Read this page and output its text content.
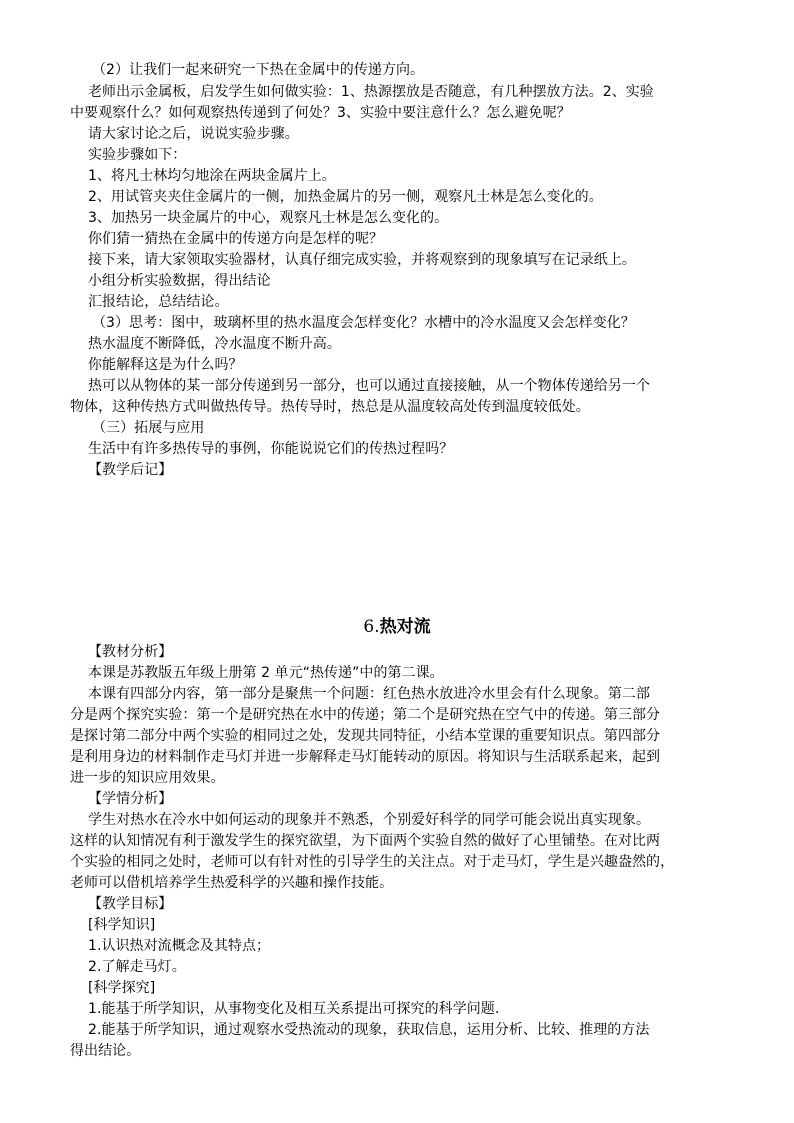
（2）让我们一起来研究一下热在金属中的传递方向。
老师出示金属板，启发学生如何做实验：1、热源摆放是否随意，有几种摆放方法。2、实验
中要观察什么？如何观察热传递到了何处？3、实验中要注意什么？怎么避免呢？
请大家讨论之后，说说实验步骤。
实验步骤如下：
1、将凡士林均匀地涂在两块金属片上。
2、用试管夹夹住金属片的一侧，加热金属片的另一侧，观察凡士林是怎么变化的。
3、加热另一块金属片的中心，观察凡士林是怎么变化的。
你们猜一猜热在金属中的传递方向是怎样的呢？
接下来，请大家领取实验器材，认真仔细完成实验，并将观察到的现象填写在记录纸上。
小组分析实验数据，得出结论
汇报结论，总结结论。
（3）思考：图中，玻璃杯里的热水温度会怎样变化？水槽中的冷水温度又会怎样变化？
热水温度不断降低，冷水温度不断升高。
你能解释这是为什么吗？
热可以从物体的某一部分传递到另一部分，也可以通过直接接触，从一个物体传递给另一个
物体，这种传热方式叫做热传导。热传导时，热总是从温度较高处传到温度较低处。
（三）拓展与应用
生活中有许多热传导的事例，你能说说它们的传热过程吗？
【教学后记】
6.热对流
【教材分析】
本课是苏教版五年级上册第 2 单元“热传递”中的第二课。
本课有四部分内容，第一部分是聚焦一个问题：红色热水放进冷水里会有什么现象。第二部
分是两个探究实验：第一个是研究热在水中的传递；第二个是研究热在空气中的传递。第三部分
是探讨第二部分中两个实验的相同过之处，发现共同特征，小结本堂课的重要知识点。第四部分
是利用身边的材料制作走马灯并进一步解释走马灯能转动的原因。将知识与生活联系起来，起到
进一步的知识应用效果。
【学情分析】
学生对热水在冷水中如何运动的现象并不熟悉，个别爱好科学的同学可能会说出真实现象。
这样的认知情况有利于激发学生的探究欲望，为下面两个实验自然的做好了心里铺垫。在对比两
个实验的相同之处时，老师可以有针对性的引导学生的关注点。对于走马灯，学生是兴趣盎然的，
老师可以借机培养学生热爱科学的兴趣和操作技能。
【教学目标】
[科学知识]
1.认识热对流概念及其特点；
2.了解走马灯。
[科学探究]
1.能基于所学知识，从事物变化及相互关系提出可探究的科学问题.
2.能基于所学知识，通过观察水受热流动的现象，获取信息，运用分析、比较、推理的方法
得出结论。
